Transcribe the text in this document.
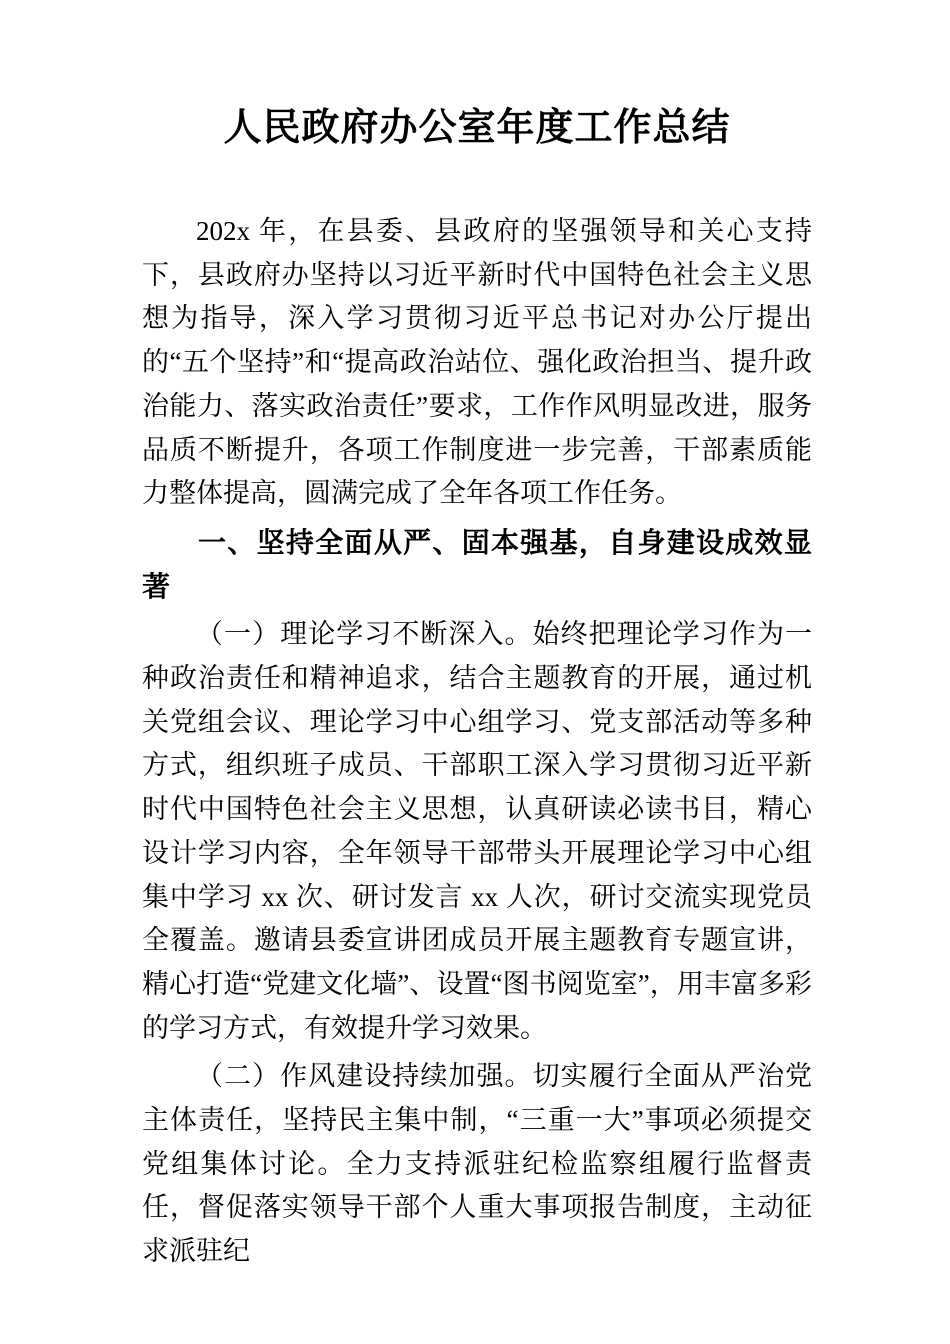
人民政府办公室年度工作总结

202x 年，在县委、县政府的坚强领导和关心支持下，县政府办坚持以习近平新时代中国特色社会主义思想为指导，深入学习贯彻习近平总书记对办公厅提出的“五个坚持”和“提高政治站位、强化政治担当、提升政治能力、落实政治责任”要求，工作作风明显改进，服务品质不断提升，各项工作制度进一步完善，干部素质能力整体提高，圆满完成了全年各项工作任务。

一、坚持全面从严、固本强基，自身建设成效显著

（一）理论学习不断深入。始终把理论学习作为一种政治责任和精神追求，结合主题教育的开展，通过机关党组会议、理论学习中心组学习、党支部活动等多种方式，组织班子成员、干部职工深入学习贯彻习近平新时代中国特色社会主义思想，认真研读必读书目，精心设计学习内容，全年领导干部带头开展理论学习中心组集中学习 xx 次、研讨发言 xx 人次，研讨交流实现党员全覆盖。邀请县委宣讲团成员开展主题教育专题宣讲，精心打造“党建文化墙”、设置“图书阅览室”，用丰富多彩的学习方式，有效提升学习效果。

（二）作风建设持续加强。切实履行全面从严治党主体责任，坚持民主集中制，“三重一大”事项必须提交党组集体讨论。全力支持派驻纪检监察组履行监督责任，督促落实领导干部个人重大事项报告制度，主动征求派驻纪
